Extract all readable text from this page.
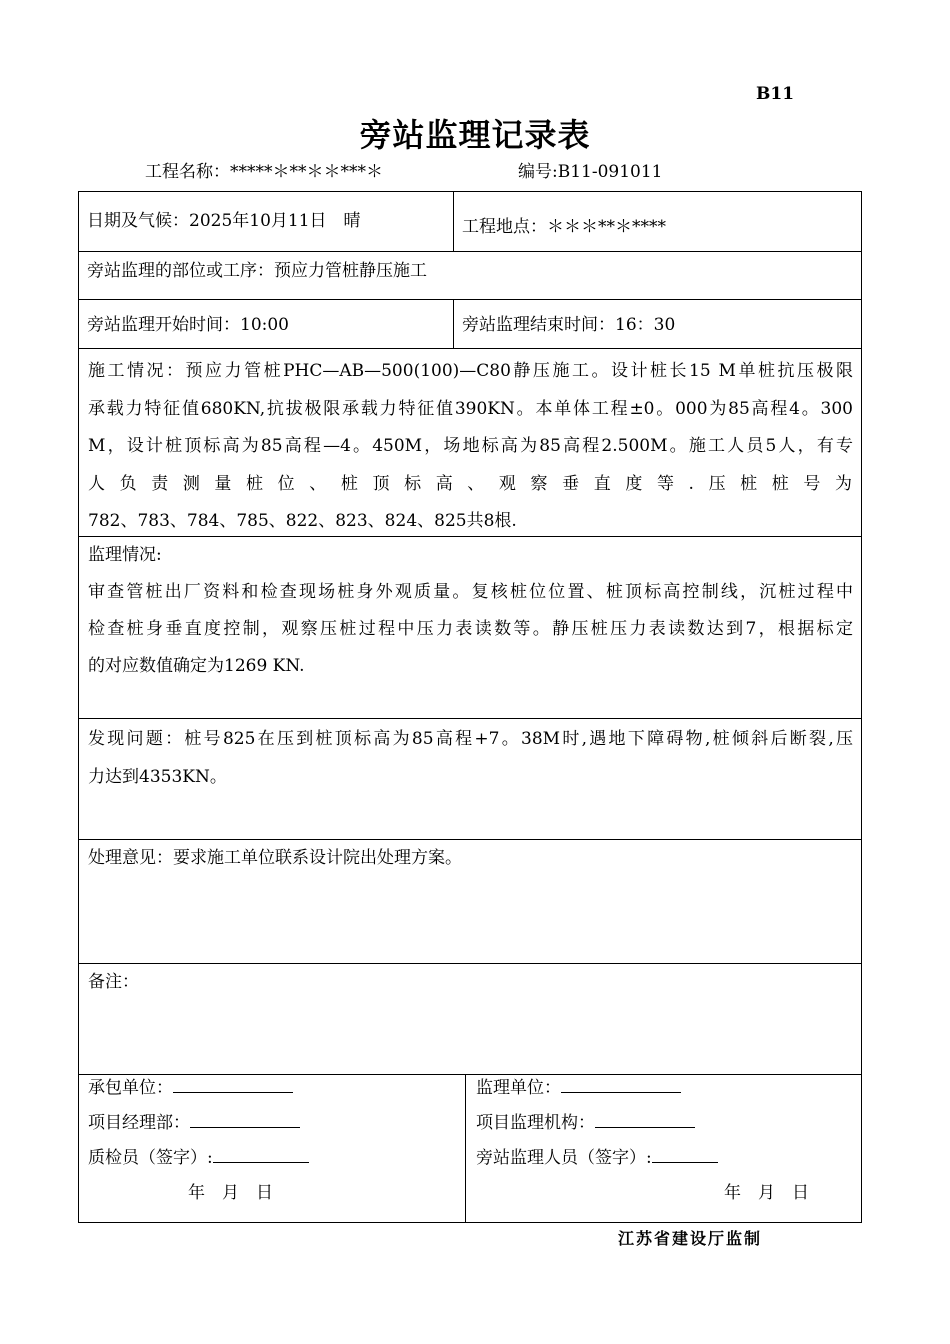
B11
旁站监理记录表
工程名称：*****＊**＊＊***＊	编号:B11-091011
日期及气候：2025年10月11日　晴	工程地点：＊＊＊**＊****
旁站监理的部位或工序：预应力管桩静压施工
旁站监理开始时间：10:00	旁站监理结束时间：16：30
施工情况：预应力管桩PHC—AB—500(100)—C80静压施工。设计桩长15 M单桩抗压极限
承载力特征值680KN,抗拔极限承载力特征值390KN。本单体工程±0。000为85高程4。300
M，设计桩顶标高为85高程—4。450M，场地标高为85高程2.500M。施工人员5人，有专
人负责测量桩位、桩顶标高、观察垂直度等.压桩桩号为
782、783、784、785、822、823、824、825共8根.
监理情况:
审查管桩出厂资料和检查现场桩身外观质量。复核桩位位置、桩顶标高控制线，沉桩过程中
检查桩身垂直度控制，观察压桩过程中压力表读数等。静压桩压力表读数达到7，根据标定
的对应数值确定为1269 KN.
发现问题：桩号825在压到桩顶标高为85高程+7。38M时,遇地下障碍物,桩倾斜后断裂,压
力达到4353KN。
处理意见：要求施工单位联系设计院出处理方案。
备注：
承包单位：
项目经理部：
质检员（签字）:
年　月　日
监理单位：
项目监理机构：
旁站监理人员（签字）:
年　月　日
江苏省建设厅监制
